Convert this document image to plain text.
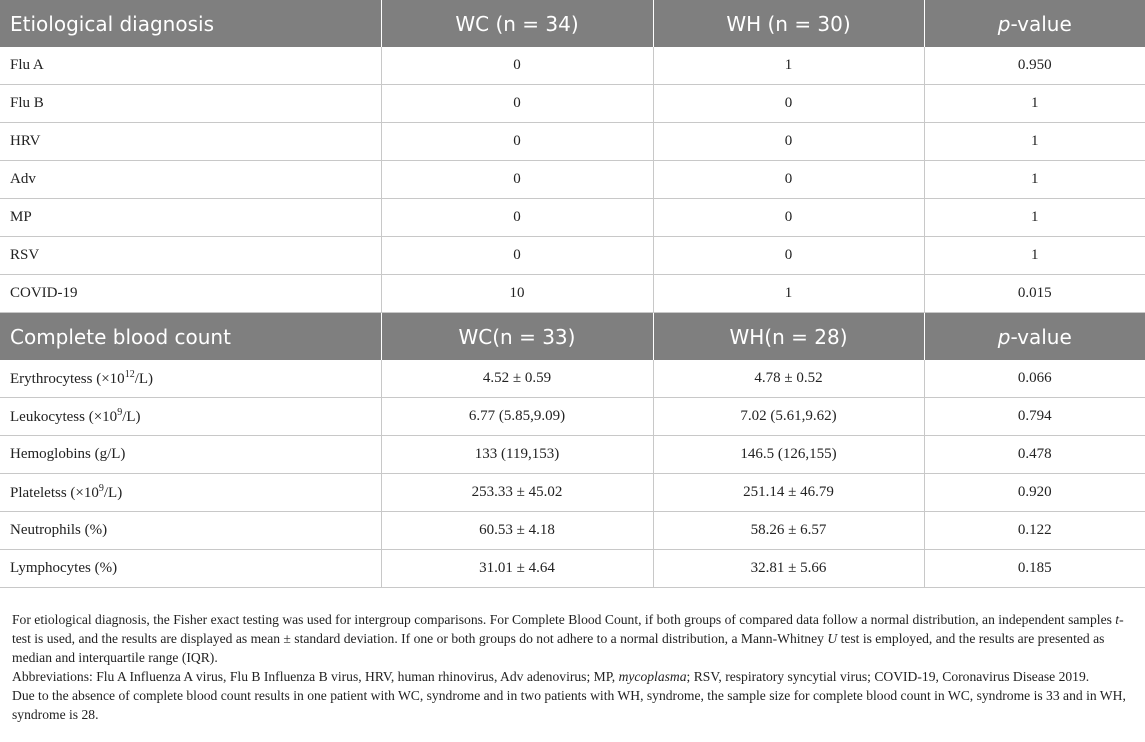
Etiological diagnosis	WC (n = 34)	WH (n = 30)	p-value
Flu A	0	1	0.950
Flu B	0	0	1
HRV	0	0	1
Adv	0	0	1
MP	0	0	1
RSV	0	0	1
COVID-19	10	1	0.015
Complete blood count	WC(n = 33)	WH(n = 28)	p-value
Erythrocytess $(\times 10^{12}/L)$	4.52 ± 0.59	4.78 ± 0.52	0.066
Leukocytess $(\times 10^9/L)$	6.77 (5.85,9.09)	7.02 (5.61,9.62)	0.794
Hemoglobins (g/L)	133 (119,153)	146.5 (126,155)	0.478
Plateletss $(\times 10^9/L)$	253.33 ± 45.02	251.14 ± 46.79	0.920
Neutrophils (%)	60.53 ± 4.18	58.26 ± 6.57	0.122
Lymphocytes (%)	31.01 ± 4.64	32.81 ± 5.66	0.185

For etiological diagnosis, the Fisher exact testing was used for intergroup comparisons. For Complete Blood Count, if both groups of compared data follow a normal distribution, an independent samples t-test is used, and the results are displayed as mean ± standard deviation. If one or both groups do not adhere to a normal distribution, a Mann-Whitney U test is employed, and the results are presented as median and interquartile range (IQR).

Abbreviations: Flu A Influenza A virus, Flu B Influenza B virus, HRV, human rhinovirus, Adv adenovirus; MP, mycoplasma; RSV, respiratory syncytial virus; COVID-19, Coronavirus Disease 2019.

Due to the absence of complete blood count results in one patient with WC, syndrome and in two patients with WH, syndrome, the sample size for complete blood count in WC, syndrome is 33 and in WH, syndrome is 28.
